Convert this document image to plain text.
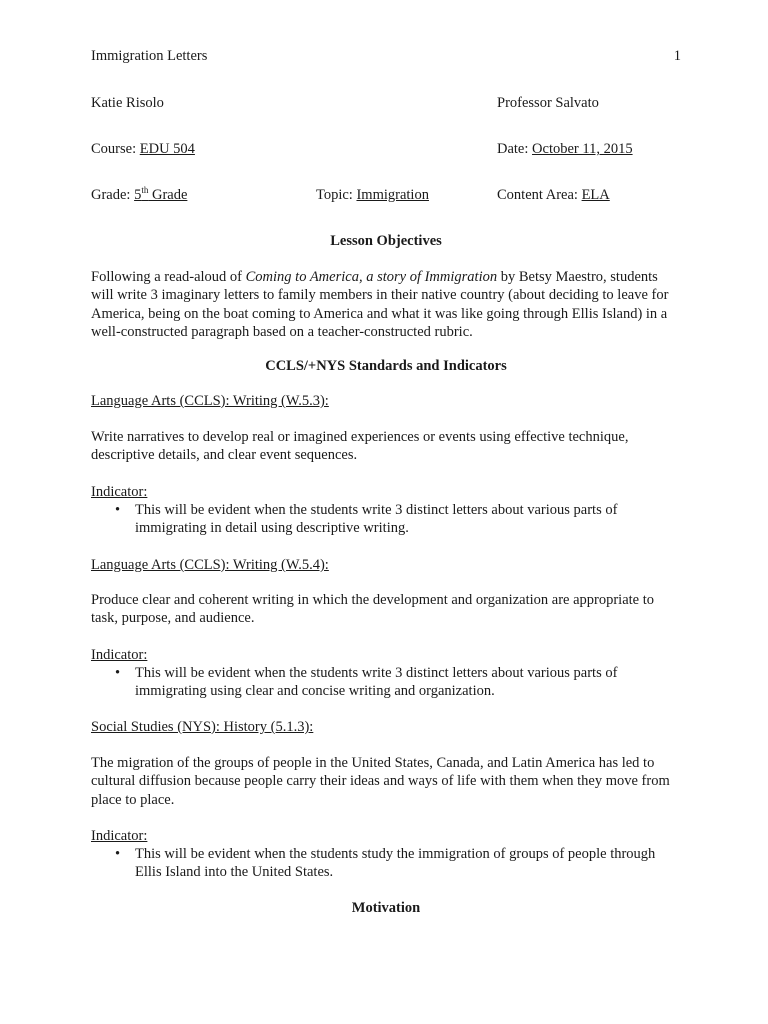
Immigration Letters	1
Katie Risolo	Professor Salvato
Course: EDU 504	Date: October 11, 2015
Grade: 5th Grade	Topic: Immigration	Content Area: ELA
Lesson Objectives
Following a read-aloud of Coming to America, a story of Immigration by Betsy Maestro, students will write 3 imaginary letters to family members in their native country (about deciding to leave for America, being on the boat coming to America and what it was like going through Ellis Island) in a well-constructed paragraph based on a teacher-constructed rubric.
CCLS/+NYS Standards and Indicators
Language Arts (CCLS): Writing (W.5.3):
Write narratives to develop real or imagined experiences or events using effective technique, descriptive details, and clear event sequences.
Indicator:
• This will be evident when the students write 3 distinct letters about various parts of immigrating in detail using descriptive writing.
Language Arts (CCLS): Writing (W.5.4):
Produce clear and coherent writing in which the development and organization are appropriate to task, purpose, and audience.
Indicator:
• This will be evident when the students write 3 distinct letters about various parts of immigrating using clear and concise writing and organization.
Social Studies (NYS): History (5.1.3):
The migration of the groups of people in the United States, Canada, and Latin America has led to cultural diffusion because people carry their ideas and ways of life with them when they move from place to place.
Indicator:
• This will be evident when the students study the immigration of groups of people through Ellis Island into the United States.
Motivation
